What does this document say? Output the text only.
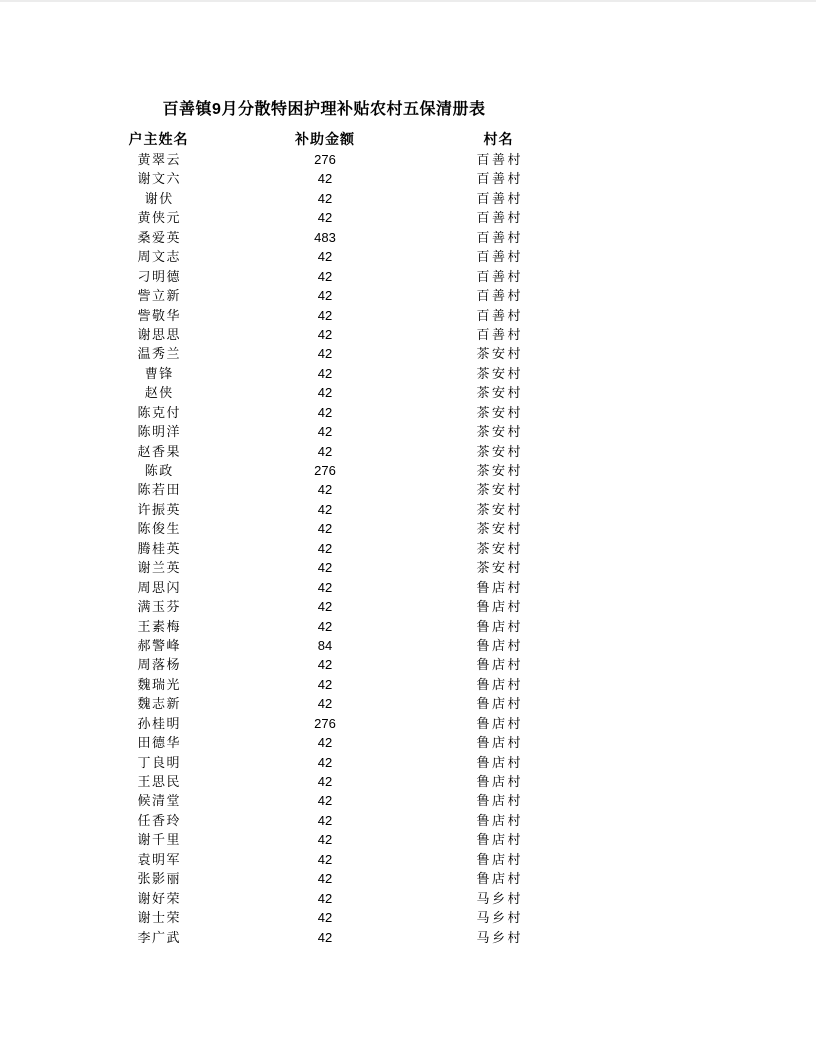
百善镇9月分散特困护理补贴农村五保清册表
户主姓名	补助金额	村名
黄翠云	276	百善村
谢文六	42	百善村
谢伏	42	百善村
黄侠元	42	百善村
桑爱英	483	百善村
周文志	42	百善村
刁明德	42	百善村
訾立新	42	百善村
訾敬华	42	百善村
谢思思	42	百善村
温秀兰	42	茶安村
曹锋	42	茶安村
赵侠	42	茶安村
陈克付	42	茶安村
陈明洋	42	茶安村
赵香果	42	茶安村
陈政	276	茶安村
陈若田	42	茶安村
许振英	42	茶安村
陈俊生	42	茶安村
腾桂英	42	茶安村
谢兰英	42	茶安村
周思闪	42	鲁店村
满玉芬	42	鲁店村
王素梅	42	鲁店村
郝警峰	84	鲁店村
周落杨	42	鲁店村
魏瑞光	42	鲁店村
魏志新	42	鲁店村
孙桂明	276	鲁店村
田德华	42	鲁店村
丁良明	42	鲁店村
王思民	42	鲁店村
候清堂	42	鲁店村
任香玲	42	鲁店村
谢千里	42	鲁店村
袁明军	42	鲁店村
张影丽	42	鲁店村
谢好荣	42	马乡村
谢士荣	42	马乡村
李广武	42	马乡村
